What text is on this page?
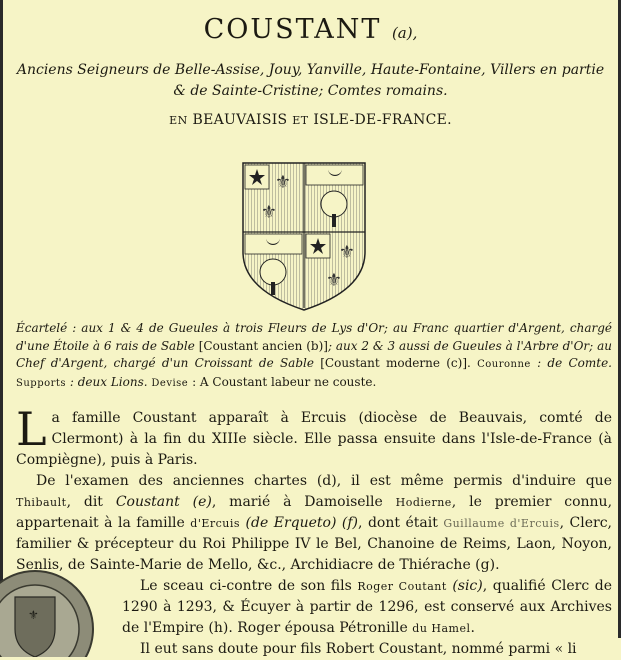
COUSTANT (a),
Anciens Seigneurs de Belle-Assise, Jouy, Yanville, Haute-Fontaine, Villers en partie & de Sainte-Cristine; Comtes romains.
EN BEAUVAISIS ET ISLE-DE-FRANCE.
⚜
⚜
⚜
⚜
Écartelé : aux 1 & 4 de Gueules à trois Fleurs de Lys d'Or; au Franc quartier d'Argent, chargé d'une Étoile à 6 rais de Sable [Coustant ancien (b)]; aux 2 & 3 aussi de Gueules à l'Arbre d'Or; au Chef d'Argent, chargé d'un Croissant de Sable [Coustant moderne (c)]. Couronne : de Comte. Supports : deux Lions. Devise : A Coustant labeur ne couste.

La famille Coustant apparaît à Ercuis (diocèse de Beauvais, comté de Clermont) à la fin du XIIIe siècle. Elle passa ensuite dans l'Isle-de-France (à Compiègne), puis à Paris.

De l'examen des anciennes chartes (d), il est même permis d'induire que Thibault, dit Coustant (e), marié à Damoiselle Hodierne, le premier connu, appartenait à la famille d'Ercuis (de Erqueto) (f), dont était Guillaume d'Ercuis, Clerc, familier & précepteur du Roi Philippe IV le Bel, Chanoine de Reims, Laon, Noyon, Senlis, de Sainte-Marie de Mello, &c., Archidiacre de Thiérache (g).

Le sceau ci-contre de son fils Roger Coutant (sic), qualifié Clerc de 1290 à 1293, & Écuyer à partir de 1296, est conservé aux Archives de l'Empire (h). Roger épousa Pétronille du Hamel.

Il eut sans doute pour fils Robert Coustant, nommé parmi « li

⚜
